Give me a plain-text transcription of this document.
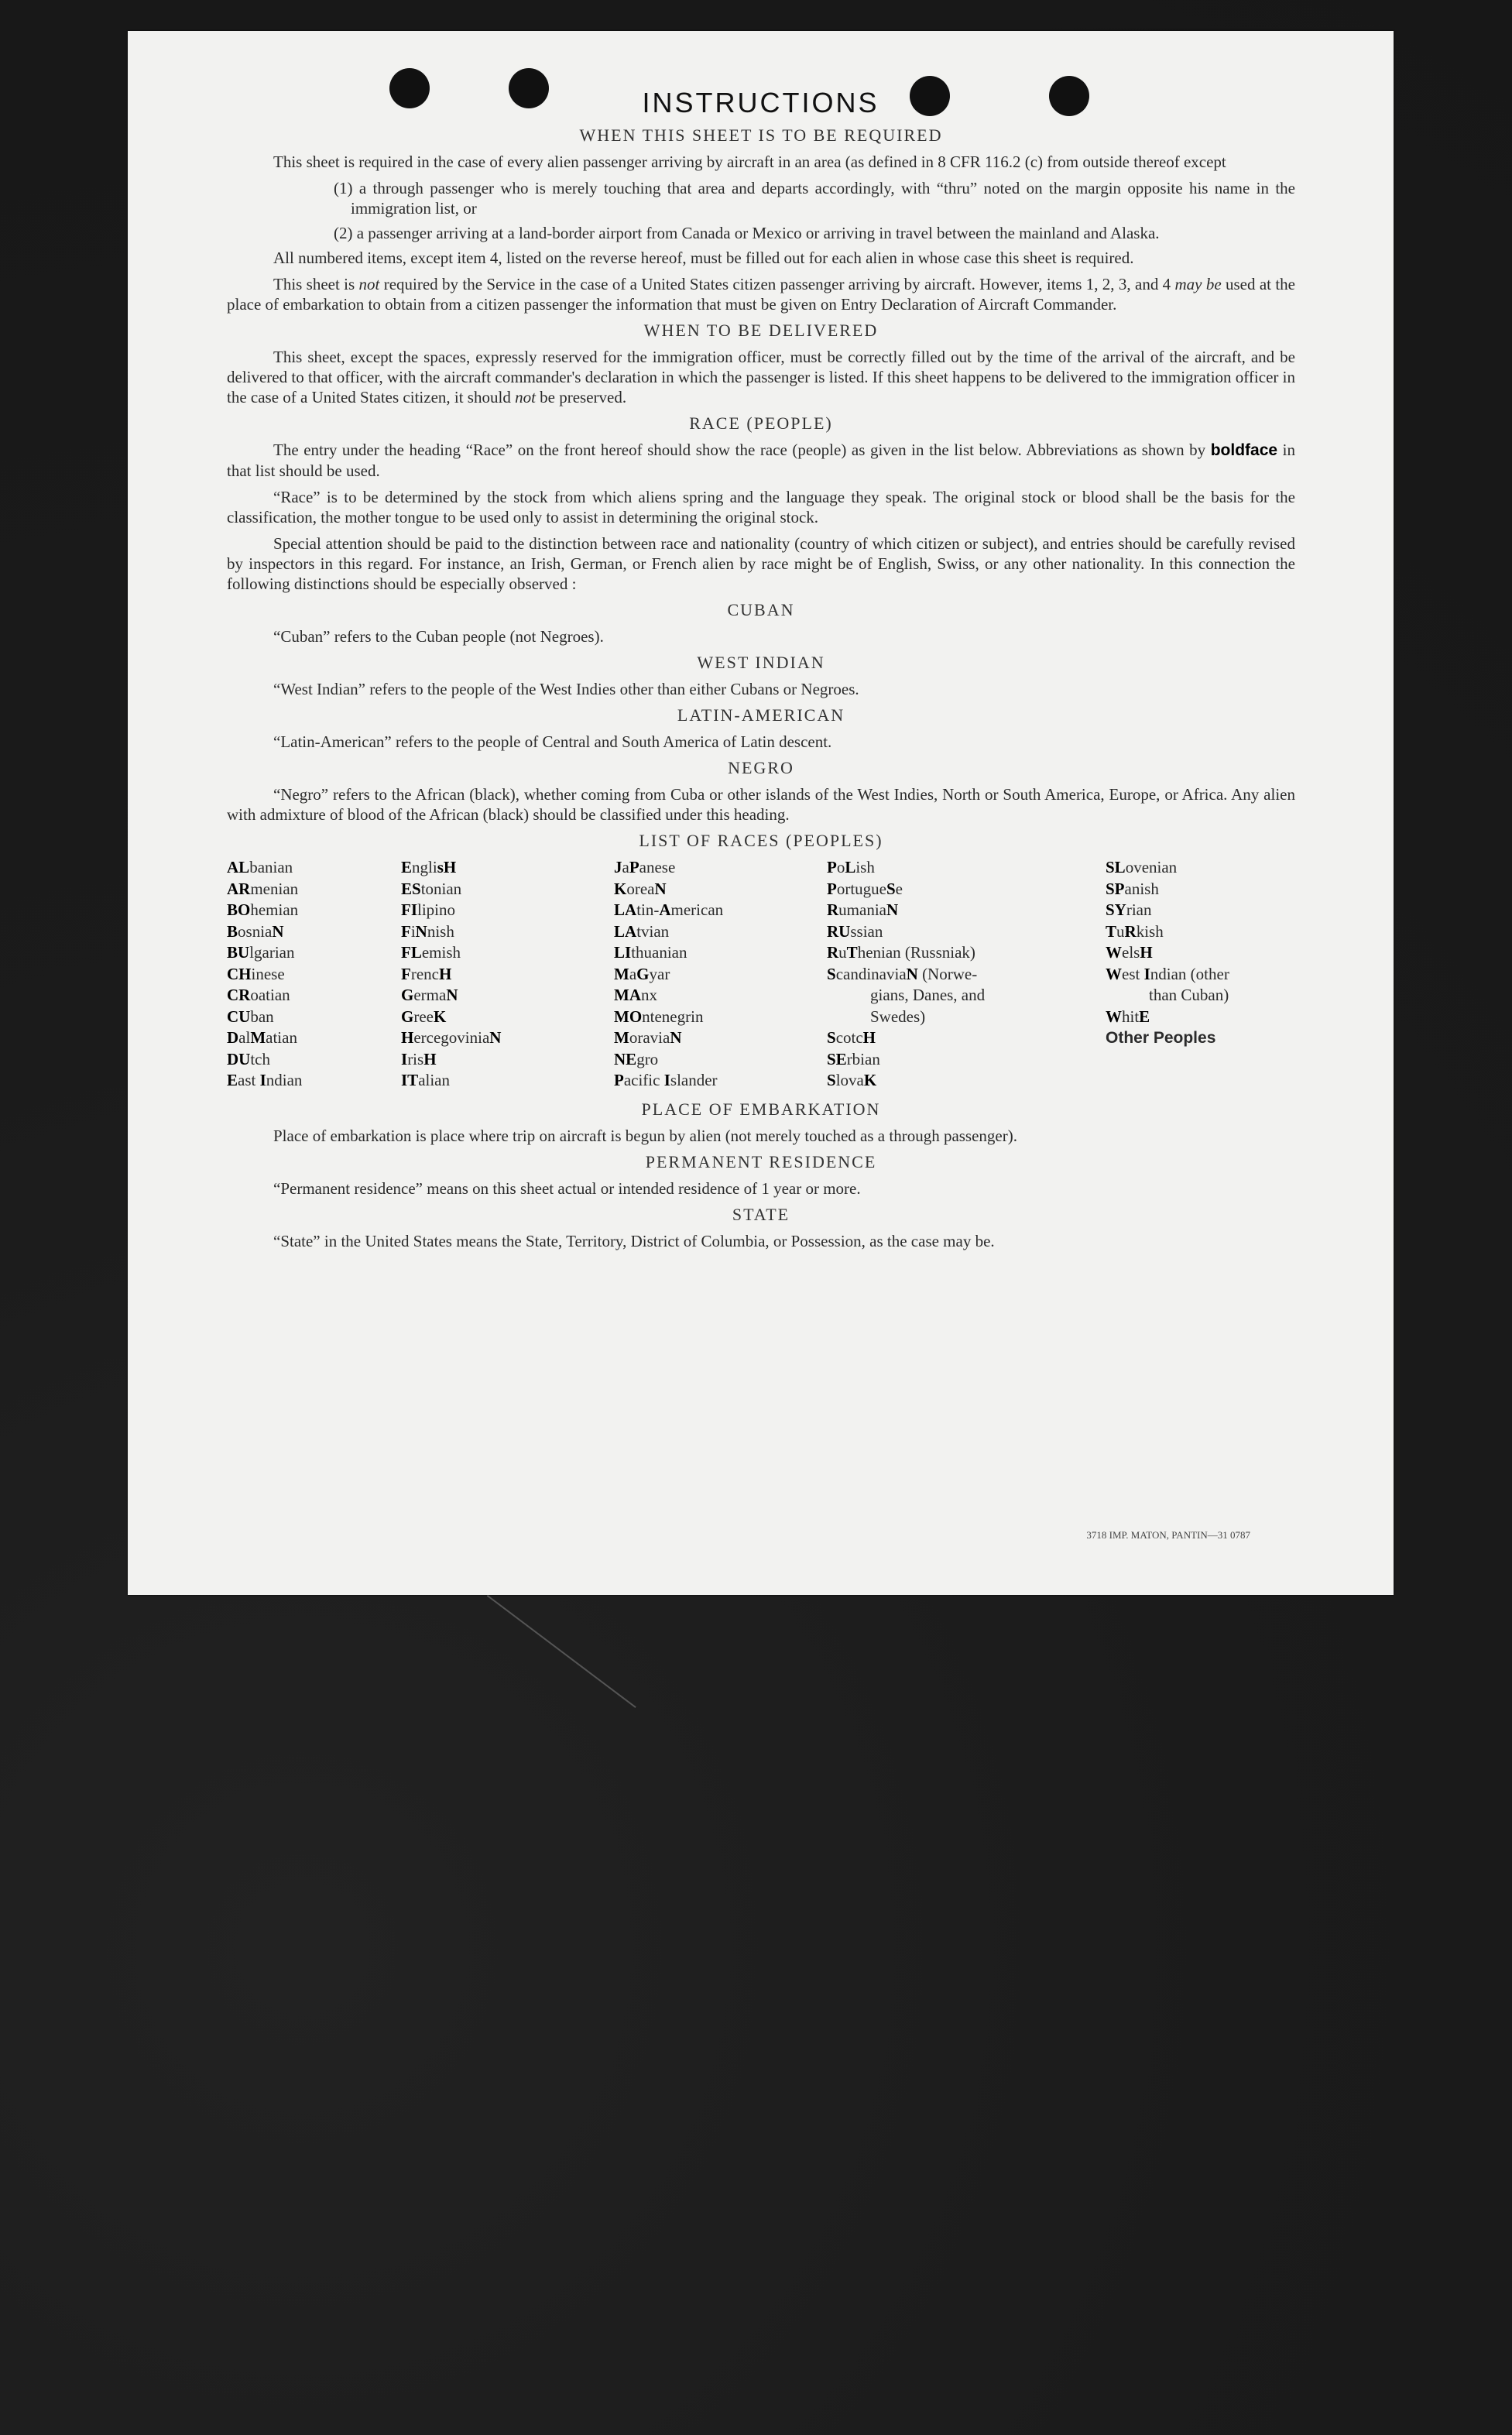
INSTRUCTIONS
WHEN THIS SHEET IS TO BE REQUIRED

This sheet is required in the case of every alien passenger arriving by aircraft in an area (as defined in 8 CFR 116.2 (c) from outside thereof except

(1) a through passenger who is merely touching that area and departs accordingly, with “thru” noted on the margin opposite his name in the immigration list, or
(2) a passenger arriving at a land-border airport from Canada or Mexico or arriving in travel between the mainland and Alaska.

All numbered items, except item 4, listed on the reverse hereof, must be filled out for each alien in whose case this sheet is required.

This sheet is not required by the Service in the case of a United States citizen passenger arriving by aircraft. However, items 1, 2, 3, and 4 may be used at the place of embarkation to obtain from a citizen passenger the information that must be given on Entry Declaration of Aircraft Commander.

WHEN TO BE DELIVERED

This sheet, except the spaces, expressly reserved for the immigration officer, must be correctly filled out by the time of the arrival of the aircraft, and be delivered to that officer, with the aircraft commander's declaration in which the passenger is listed. If this sheet happens to be delivered to the immigration officer in the case of a United States citizen, it should not be preserved.

RACE (PEOPLE)

The entry under the heading “Race” on the front hereof should show the race (people) as given in the list below. Abbreviations as shown by boldface in that list should be used.

“Race” is to be determined by the stock from which aliens spring and the language they speak. The original stock or blood shall be the basis for the classification, the mother tongue to be used only to assist in determining the original stock.

Special attention should be paid to the distinction between race and nationality (country of which citizen or subject), and entries should be carefully revised by inspectors in this regard. For instance, an Irish, German, or French alien by race might be of English, Swiss, or any other nationality. In this connection the following distinctions should be especially observed :

CUBAN

“Cuban” refers to the Cuban people (not Negroes).

WEST INDIAN

“West Indian” refers to the people of the West Indies other than either Cubans or Negroes.

LATIN-AMERICAN

“Latin-American” refers to the people of Central and South America of Latin descent.

NEGRO

“Negro” refers to the African (black), whether coming from Cuba or other islands of the West Indies, North or South America, Europe, or Africa. Any alien with admixture of blood of the African (black) should be classified under this heading.

LIST OF RACES (PEOPLES)
ALbanian
ARmenian
BOhemian
BosniaN
BUlgarian
CHinese
CRoatian
CUban
DalMatian
DUtch
East Indian
EnglisH
EStonian
FIlipino
FiNnish
FLemish
FrencH
GermaN
GreeK
HercegoviniaN
IrisH
ITalian
JaPanese
KoreaN
LAtin-American
LAtvian
LIthuanian
MaGyar
MAnx
MOntenegrin
MoraviaN
NEgro
Pacific Islander
PoLish
PortugueSe
RumaniaN
RUssian
RuThenian (Russniak)
ScandinaviaN (Norwe-
gians, Danes, and
Swedes)
ScotcH
SErbian
SlovaK
SLovenian
SPanish
SYrian
TuRkish
WelsH
West Indian (other
than Cuban)
WhitE
Other Peoples
PLACE OF EMBARKATION

Place of embarkation is place where trip on aircraft is begun by alien (not merely touched as a through passenger).

PERMANENT RESIDENCE

“Permanent residence” means on this sheet actual or intended residence of 1 year or more.

STATE

“State” in the United States means the State, Territory, District of Columbia, or Possession, as the case may be.

3718 IMP. MATON, PANTIN—31 0787
